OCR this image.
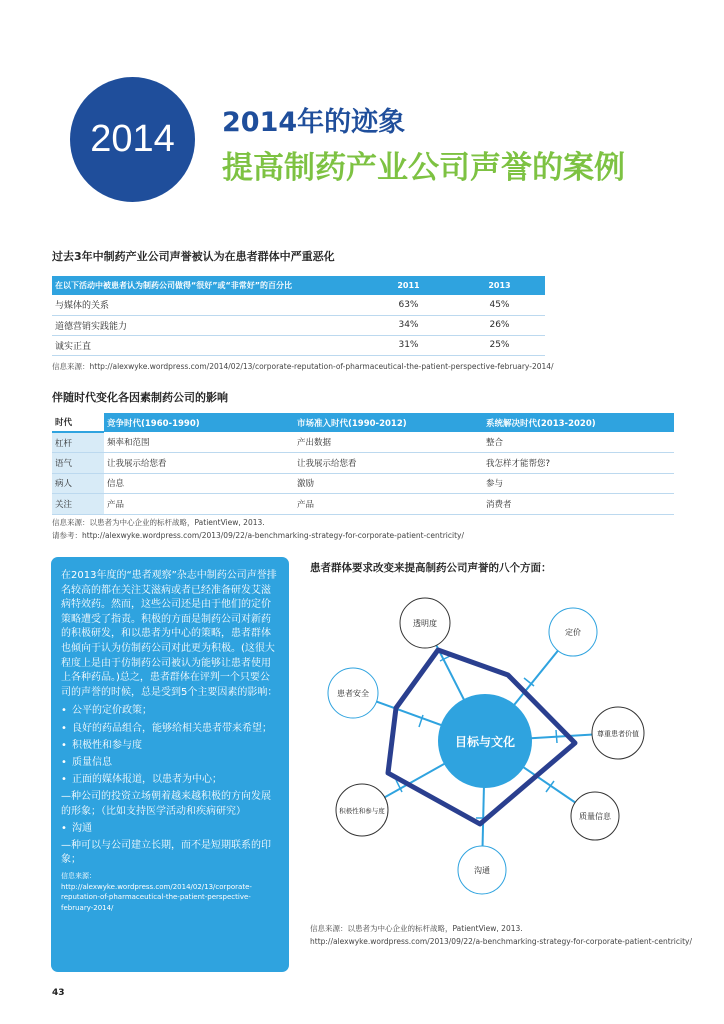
2014 2014年的迹象
提高制药产业公司声誉的案例
过去3年中制药产业公司声誉被认为在患者群体中严重恶化
在以下活动中被患者认为制药公司做得“很好”或“非常好”的百分比	2011	2013
与媒体的关系	63%	45%
道德营销实践能力	34%	26%
诚实正直	31%	25%
信息来源：http://alexwyke.wordpress.com/2014/02/13/corporate-reputation-of-pharmaceutical-the-patient-perspective-february-2014/
伴随时代变化各因素制药公司的影响
时代	竞争时代(1960-1990)	市场准入时代(1990-2012)	系统解决时代(2013-2020)
杠杆	频率和范围	产出数据	整合
语气	让我展示给您看	让我展示给您看	我怎样才能帮您?
病人	信息	激励	参与
关注	产品	产品	消费者
信息来源：以患者为中心企业的标杆战略，PatientView, 2013.
请参考：http://alexwyke.wordpress.com/2013/09/22/a-benchmarking-strategy-for-corporate-patient-centricity/
在2013年度的“患者观察”杂志中制药公司声誉排名较高的都在关注艾滋病或者已经准备研发艾滋病特效药。然而，这些公司还是由于他们的定价策略遭受了指责。积极的方面是制药公司对新药的积极研发，和以患者为中心的策略，患者群体也倾向于认为仿制药公司对此更为积极。(这很大程度上是由于仿制药公司被认为能够让患者使用上各种药品。)总之，患者群体在评判一个只要公司的声誉的时候，总是受到5个主要因素的影响：
• 公平的定价政策；
• 良好的药品组合，能够给相关患者带来希望；
• 积极性和参与度
• 质量信息
• 正面的媒体报道，以患者为中心；
—种公司的投资立场朝着越来越积极的方向发展的形象；（比如支持医学活动和疾病研究）
• 沟通
—种可以与公司建立长期，而不是短期联系的印象；
信息来源：http://alexwyke.wordpress.com/2014/02/13/corporate-reputation-of-pharmaceutical-the-patient-perspective-february-2014/
患者群体要求改变来提高制药公司声誉的八个方面：
目标与文化
透明度
定价
尊重患者价值
质量信息
沟通
积极性和参与度
患者安全
信息来源：以患者为中心企业的标杆战略，PatientView, 2013.
http://alexwyke.wordpress.com/2013/09/22/a-benchmarking-strategy-for-corporate-patient-centricity/
43
